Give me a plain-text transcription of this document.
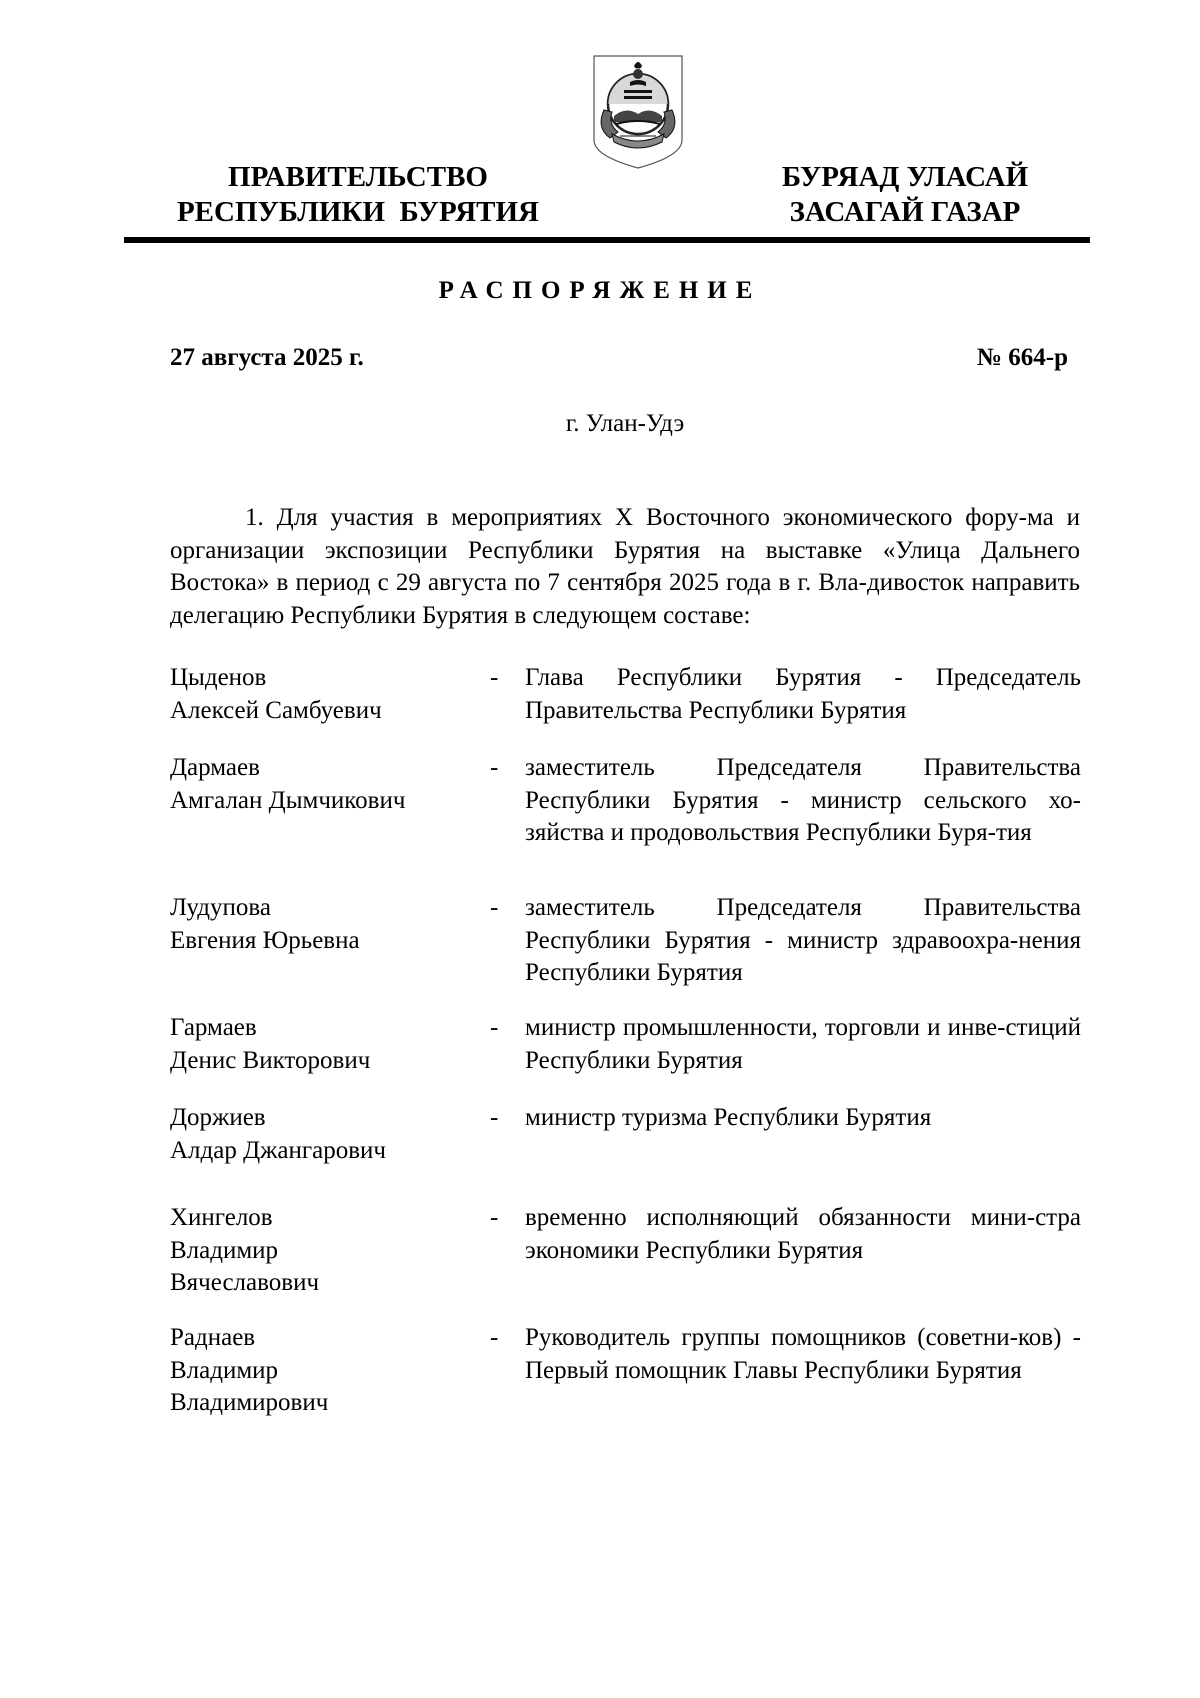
ПРАВИТЕЛЬСТВО
РЕСПУБЛИКИ  БУРЯТИЯ
БУРЯАД УЛАСАЙ
ЗАСАГАЙ ГАЗАР
РАСПОРЯЖЕНИЕ
27 августа 2025 г.	№ 664-р
г. Улан-Удэ
1. Для участия в мероприятиях X Восточного экономического фору-ма и организации экспозиции Республики Бурятия на выставке «Улица Дальнего Востока» в период с 29 августа по 7 сентября 2025 года в г. Вла-дивосток направить делегацию Республики Бурятия в следующем составе:
Цыденов
Алексей Самбуевич
-	Глава Республики Бурятия - Председатель Правительства Республики Бурятия
Дармаев
Амгалан Дымчикович
-	заместитель Председателя Правительства Республики Бурятия - министр сельского хо-зяйства и продовольствия Республики Буря-тия
Лудупова
Евгения Юрьевна
-	заместитель Председателя Правительства Республики Бурятия - министр здравоохра-нения Республики Бурятия
Гармаев
Денис Викторович
-	министр промышленности, торговли и инве-стиций Республики Бурятия
Доржиев
Алдар Джангарович
-	министр туризма Республики Бурятия
Хингелов
Владимир
Вячеславович
-	временно исполняющий обязанности мини-стра экономики Республики Бурятия
Раднаев
Владимир
Владимирович
-	Руководитель группы помощников (советни-ков) - Первый помощник Главы Республики Бурятия
